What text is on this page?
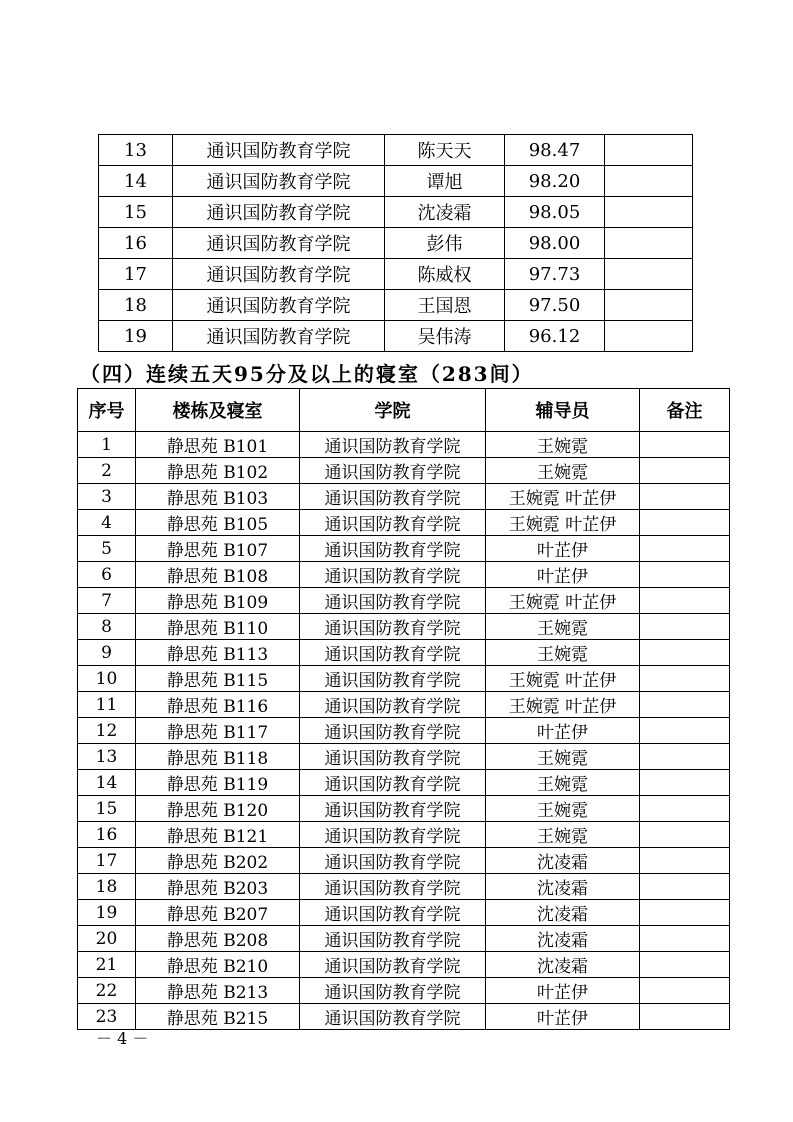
13	通识国防教育学院	陈天天	98.47	
14	通识国防教育学院	谭旭	98.20	
15	通识国防教育学院	沈凌霜	98.05	
16	通识国防教育学院	彭伟	98.00	
17	通识国防教育学院	陈威权	97.73	
18	通识国防教育学院	王国恩	97.50	
19	通识国防教育学院	吴伟涛	96.12	
（四）连续五天95分及以上的寝室（283间）
序号	楼栋及寝室	学院	辅导员	备注
1	静思苑 B101	通识国防教育学院	王婉霓	
2	静思苑 B102	通识国防教育学院	王婉霓	
3	静思苑 B103	通识国防教育学院	王婉霓 叶芷伊	
4	静思苑 B105	通识国防教育学院	王婉霓 叶芷伊	
5	静思苑 B107	通识国防教育学院	叶芷伊	
6	静思苑 B108	通识国防教育学院	叶芷伊	
7	静思苑 B109	通识国防教育学院	王婉霓 叶芷伊	
8	静思苑 B110	通识国防教育学院	王婉霓	
9	静思苑 B113	通识国防教育学院	王婉霓	
10	静思苑 B115	通识国防教育学院	王婉霓 叶芷伊	
11	静思苑 B116	通识国防教育学院	王婉霓 叶芷伊	
12	静思苑 B117	通识国防教育学院	叶芷伊	
13	静思苑 B118	通识国防教育学院	王婉霓	
14	静思苑 B119	通识国防教育学院	王婉霓	
15	静思苑 B120	通识国防教育学院	王婉霓	
16	静思苑 B121	通识国防教育学院	王婉霓	
17	静思苑 B202	通识国防教育学院	沈凌霜	
18	静思苑 B203	通识国防教育学院	沈凌霜	
19	静思苑 B207	通识国防教育学院	沈凌霜	
20	静思苑 B208	通识国防教育学院	沈凌霜	
21	静思苑 B210	通识国防教育学院	沈凌霜	
22	静思苑 B213	通识国防教育学院	叶芷伊	
23	静思苑 B215	通识国防教育学院	叶芷伊	
－ 4 －
